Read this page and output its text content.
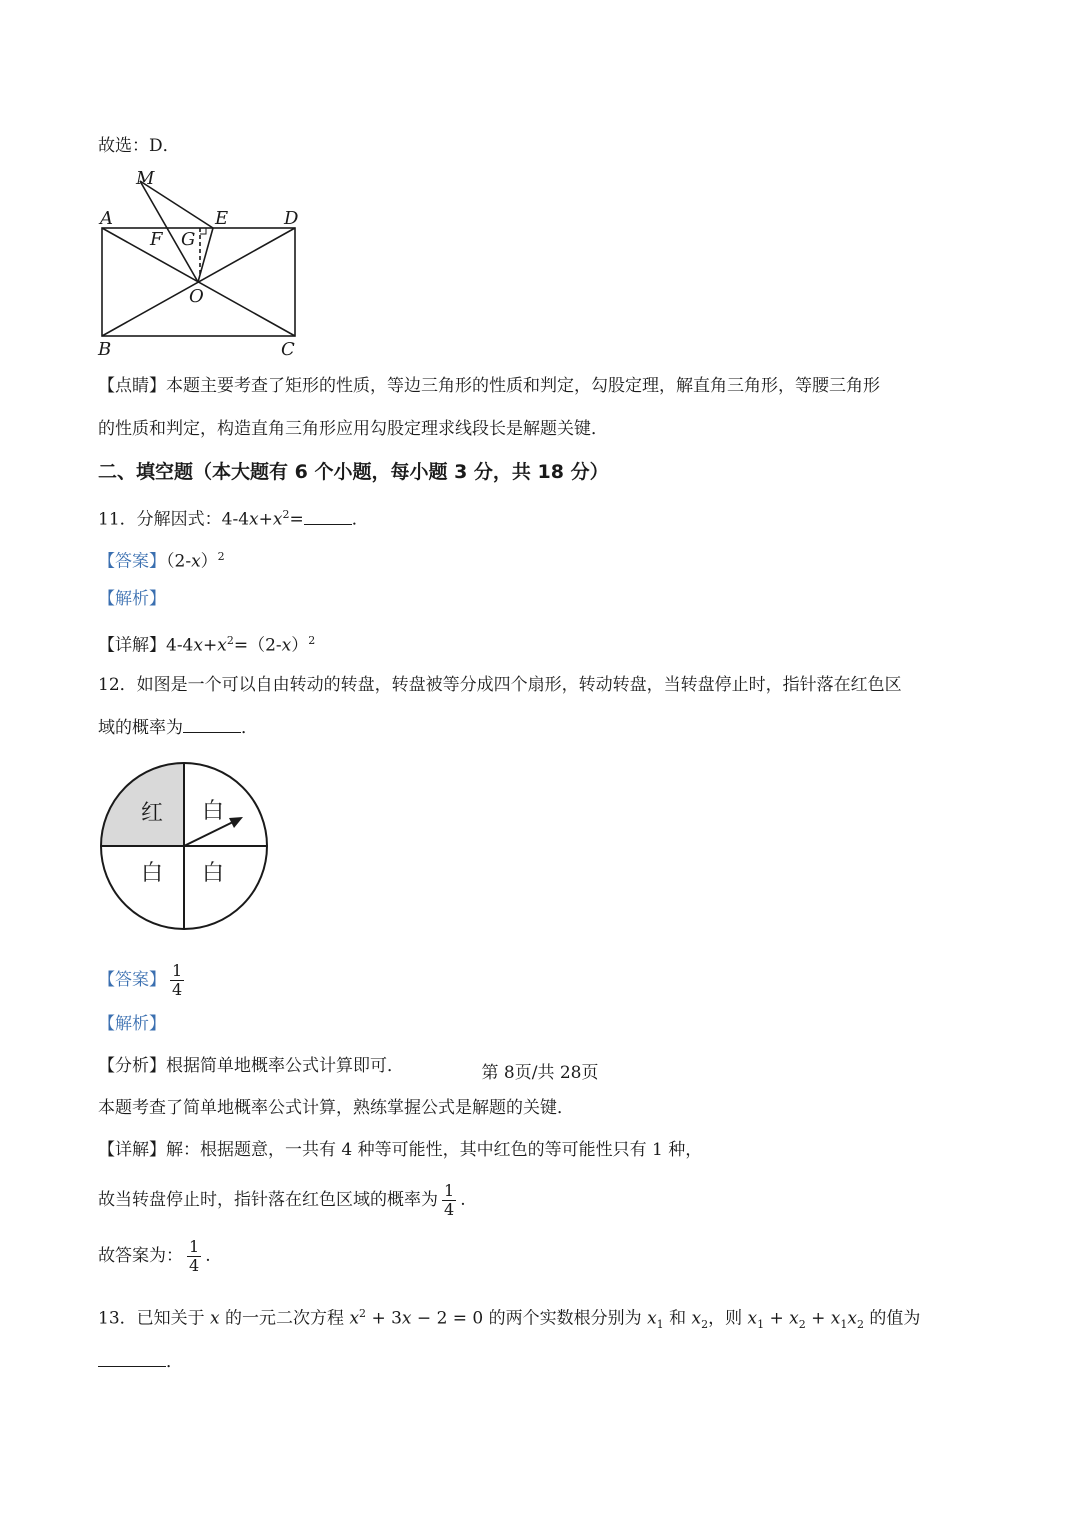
故选：D．
M
A	E	D
F G
O
B	C
【点睛】本题主要考查了矩形的性质，等边三角形的性质和判定，勾股定理，解直角三角形，等腰三角形
的性质和判定，构造直角三角形应用勾股定理求线段长是解题关键．
二、填空题（本大题有 6 个小题，每小题 3 分，共 18 分）
11．分解因式：$4-4x+x^2=$	．
【答案】$(2-x)^2$
【解析】
【详解】$4-4x+x^2=(2-x)^2$
12．如图是一个可以自由转动的转盘，转盘被等分成四个扇形，转动转盘，当转盘停止时，指针落在红色区
域的概率为	．
红 白
白 白
【答案】 $\frac{1}{4}$
【解析】
【分析】根据简单地概率公式计算即可．
本题考查了简单地概率公式计算，熟练掌握公式是解题的关键．
【详解】解：根据题意，一共有 4 种等可能性，其中红色的等可能性只有 1 种，
故当转盘停止时，指针落在红色区域的概率为 $\frac{1}{4}$ .
故答案为： $\frac{1}{4}$ .
13．已知关于 x 的一元二次方程 $x^2 + 3x - 2 = 0$ 的两个实数根分别为 $x_1$ 和 $x_2$，则 $x_1 + x_2 + x_1x_2$ 的值为
．
第 8页/共 28页
